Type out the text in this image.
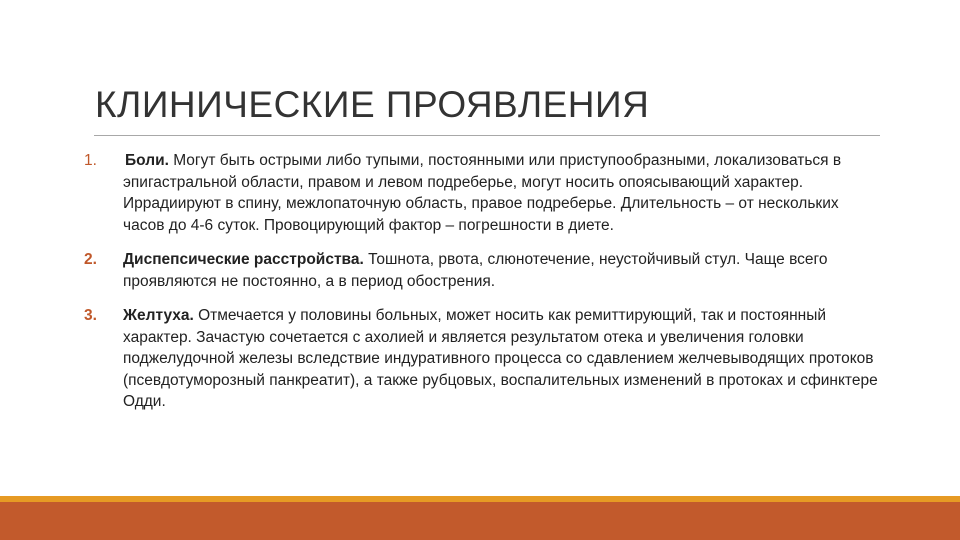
КЛИНИЧЕСКИЕ ПРОЯВЛЕНИЯ
1. Боли. Могут быть острыми либо тупыми, постоянными или приступообразными, локализоваться в эпигастральной области, правом и левом подреберье, могут носить опоясывающий характер. Иррадиируют в спину, межлопаточную область, правое подреберье. Длительность – от нескольких часов до 4-6 суток. Провоцирующий фактор – погрешности в диете.
2. Диспепсические расстройства. Тошнота, рвота, слюнотечение, неустойчивый стул. Чаще всего проявляются не постоянно, а в период обострения.
3. Желтуха. Отмечается у половины больных, может носить как ремиттирующий, так и постоянный характер. Зачастую сочетается с ахолией и является результатом отека и увеличения головки поджелудочной железы вследствие индуративного процесса со сдавлением желчевыводящих протоков (псевдотуморозный панкреатит), а также рубцовых, воспалительных изменений в протоках и сфинктере Одди.
